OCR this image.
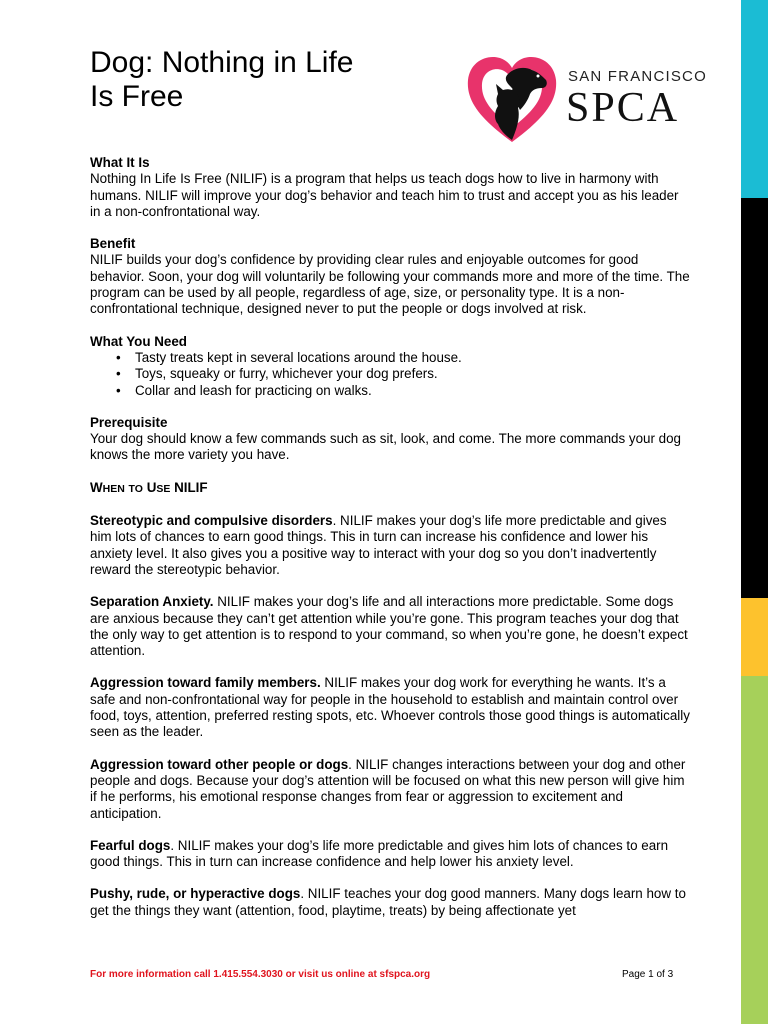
Dog: Nothing in Life
Is Free
SAN FRANCISCO
SPCA

What It Is

Nothing In Life Is Free (NILIF) is a program that helps us teach dogs how to live in harmony with humans. NILIF will improve your dog’s behavior and teach him to trust and accept you as his leader in a non-confrontational way.

Benefit

NILIF builds your dog’s confidence by providing clear rules and enjoyable outcomes for good behavior. Soon, your dog will voluntarily be following your commands more and more of the time. The program can be used by all people, regardless of age, size, or personality type. It is a non-confrontational technique, designed never to put the people or dogs involved at risk.

What You Need

• Tasty treats kept in several locations around the house.
• Toys, squeaky or furry, whichever your dog prefers.
• Collar and leash for practicing on walks.

Prerequisite

Your dog should know a few commands such as sit, look, and come. The more commands your dog knows the more variety you have.

WHEN TO USE NILIF

Stereotypic and compulsive disorders. NILIF makes your dog’s life more predictable and gives him lots of chances to earn good things. This in turn can increase his confidence and lower his anxiety level. It also gives you a positive way to interact with your dog so you don’t inadvertently reward the stereotypic behavior.

Separation Anxiety. NILIF makes your dog’s life and all interactions more predictable. Some dogs are anxious because they can’t get attention while you’re gone. This program teaches your dog that the only way to get attention is to respond to your command, so when you’re gone, he doesn’t expect attention.

Aggression toward family members. NILIF makes your dog work for everything he wants. It’s a safe and non-confrontational way for people in the household to establish and maintain control over food, toys, attention, preferred resting spots, etc. Whoever controls those good things is automatically seen as the leader.

Aggression toward other people or dogs. NILIF changes interactions between your dog and other people and dogs. Because your dog’s attention will be focused on what this new person will give him if he performs, his emotional response changes from fear or aggression to excitement and anticipation.

Fearful dogs. NILIF makes your dog’s life more predictable and gives him lots of chances to earn good things. This in turn can increase confidence and help lower his anxiety level.

Pushy, rude, or hyperactive dogs. NILIF teaches your dog good manners. Many dogs learn how to get the things they want (attention, food, playtime, treats) by being affectionate yet

For more information call 1.415.554.3030 or visit us online at sfspca.org	Page 1 of 3
